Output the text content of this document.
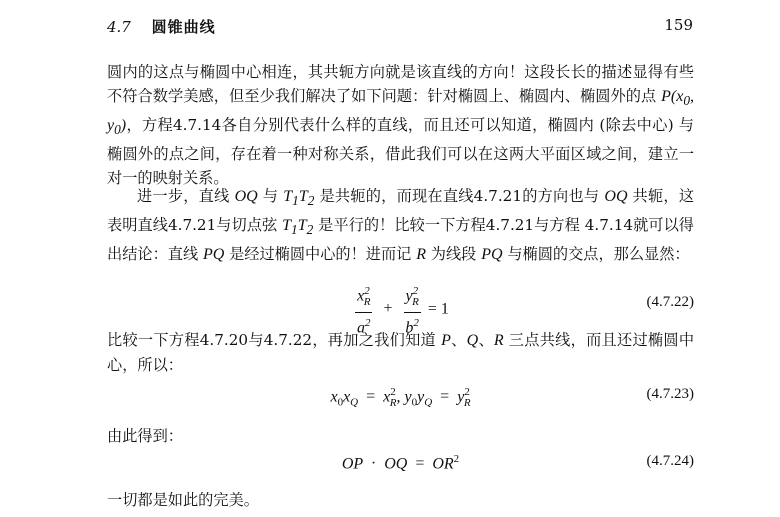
4.7 圆锥曲线	159

圆内的这点与椭圆中心相连，其共轭方向就是该直线的方向！这段长长的描述显得有些不符合数学美感，但至少我们解决了如下问题：针对椭圆上、椭圆内、椭圆外的点 $P(x_0$, $y_0$)，方程4.7.14各自分别代表什么样的直线，而且还可以知道，椭圆内 (除去中心) 与椭圆外的点之间，存在着一种对称关系，借此我们可以在这两大平面区域之间，建立一对一的映射关系。

进一步，直线 OQ 与 $T_1T_2$ 是共轭的，而现在直线4.7.21的方向也与 OQ 共轭，这表明直线4.7.21与切点弦 $T_1T_2$ 是平行的！比较一下方程4.7.21与方程 4.7.14就可以得出结论：直线 PQ 是经过椭圆中心的！进而记 R 为线段 PQ 与椭圆的交点，那么显然：

$\frac{x^2_R}{a^2} + \frac{y^2_R}{b^2} = 1$	(4.7.22)

比较一下方程4.7.20与4.7.22，再加之我们知道 P、Q、R 三点共线，而且还过椭圆中心，所以：

$x_0x_Q = x^2_R$, $y_0y_Q = y^2_R$
(4.7.23)

由此得到：

OP · OQ = $OR^2$	(4.7.24)

一切都是如此的完美。
